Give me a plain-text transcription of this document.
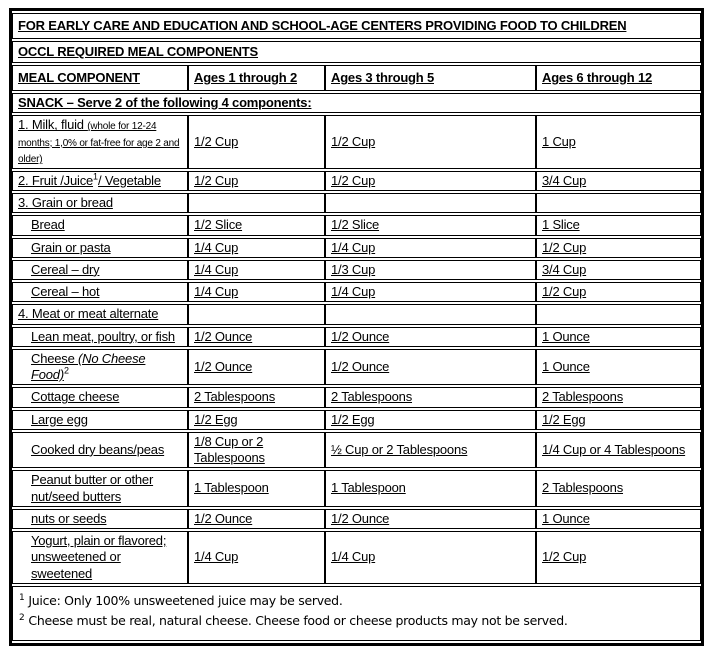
FOR EARLY CARE AND EDUCATION AND SCHOOL-AGE CENTERS PROVIDING FOOD TO CHILDREN			
OCCL REQUIRED MEAL COMPONENTS			
MEAL COMPONENT	Ages 1 through 2	Ages 3 through 5	Ages 6 through 12
SNACK – Serve 2 of the following 4 components:			
1. Milk, fluid (whole for 12-24 months; 1,0% or fat-free for age 2 and older)	1/2 Cup	1/2 Cup	1 Cup
2. Fruit /Juice$^1$/ Vegetable	1/2 Cup	1/2 Cup	3/4 Cup
3. Grain or bread			
Bread	1/2 Slice	1/2 Slice	1 Slice
Grain or pasta	1/4 Cup	1/4 Cup	1/2 Cup
Cereal – dry	1/4 Cup	1/3 Cup	3/4 Cup
Cereal – hot	1/4 Cup	1/4 Cup	1/2 Cup
4. Meat or meat alternate			
Lean meat, poultry, or fish	1/2 Ounce	1/2 Ounce	1 Ounce
Cheese (No Cheese Food)$^2$	1/2 Ounce	1/2 Ounce	1 Ounce
Cottage cheese	2 Tablespoons	2 Tablespoons	2 Tablespoons
Large egg	1/2 Egg	1/2 Egg	1/2 Egg
Cooked dry beans/peas	1/8 Cup or 2 Tablespoons	½ Cup or 2 Tablespoons	1/4 Cup or 4 Tablespoons
Peanut butter or other nut/seed butters	1 Tablespoon	1 Tablespoon	2 Tablespoons
nuts or seeds	1/2 Ounce	1/2 Ounce	1 Ounce
Yogurt, plain or flavored; unsweetened or sweetened	1/4 Cup	1/4 Cup	1/2 Cup

$^1$ Juice: Only 100% unsweetened juice may be served.
$^2$ Cheese must be real, natural cheese. Cheese food or cheese products may not be served.			
